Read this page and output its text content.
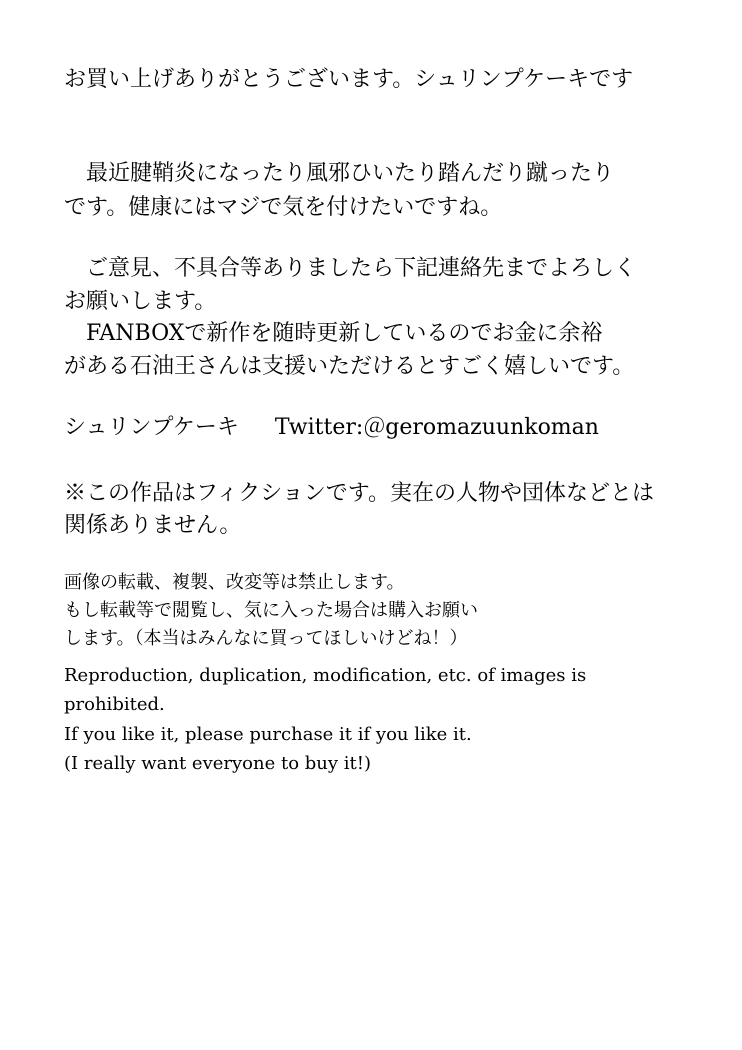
お買い上げありがとうございます。シュリンプケーキです

　最近腱鞘炎になったり風邪ひいたり踏んだり蹴ったり

です。健康にはマジで気を付けたいですね。

　ご意見、不具合等ありましたら下記連絡先までよろしく

お願いします。

　FANBOXで新作を随時更新しているのでお金に余裕

がある石油王さんは支援いただけるとすごく嬉しいです。

シュリンプケーキ Twitter:＠geromazuunkoman

※この作品はフィクションです。実在の人物や団体などとは

関係ありません。

画像の転載、複製、改変等は禁止します。

もし転載等で閲覧し、気に入った場合は購入お願い

します。（本当はみんなに買ってほしいけどね！）

Reproduction, duplication, modification, etc. of images is

prohibited.

If you like it, please purchase it if you like it.

(I really want everyone to buy it!)
